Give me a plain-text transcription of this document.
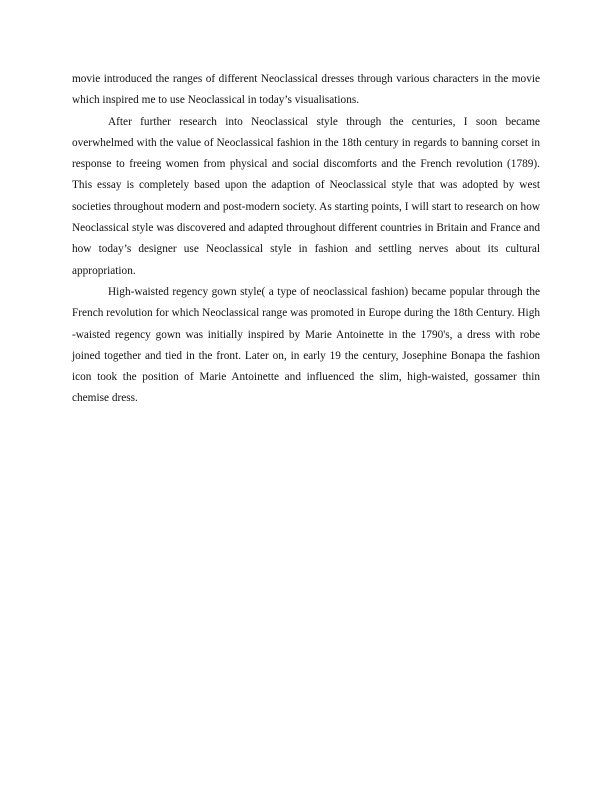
movie introduced the ranges of different Neoclassical dresses through various characters in the movie which inspired me to use Neoclassical in today’s visualisations.

After further research into Neoclassical style through the centuries, I soon became overwhelmed with the value of Neoclassical fashion in the 18th century in regards to banning corset in response to freeing women from physical and social discomforts and the French revolution (1789). This essay is completely based upon the adaption of Neoclassical style that was adopted by west societies throughout modern and post-modern society. As starting points, I will start to research on how Neoclassical style was discovered and adapted throughout different countries in Britain and France and how today’s designer use Neoclassical style in fashion and settling nerves about its cultural appropriation.

High-waisted regency gown style( a type of neoclassical fashion) became popular through the French revolution for which Neoclassical range was promoted in Europe during the 18th Century. High -waisted regency gown was initially inspired by Marie Antoinette in the 1790's, a dress with robe joined together and tied in the front. Later on, in early 19 the century, Josephine Bonapa the fashion icon took the position of Marie Antoinette and influenced the slim, high-waisted, gossamer thin chemise dress.
